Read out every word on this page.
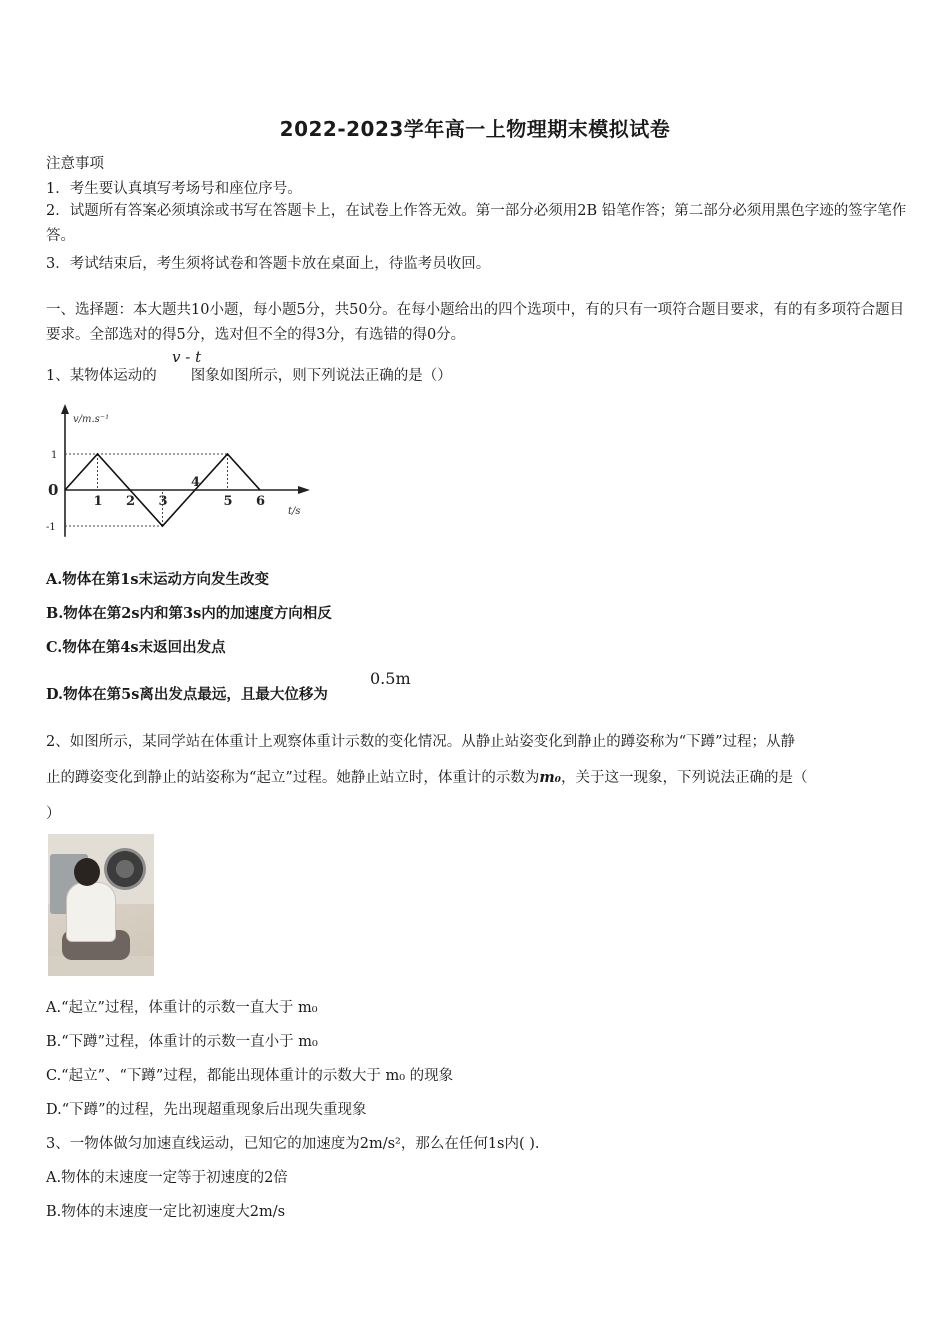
2022-2023学年高一上物理期末模拟试卷
注意事项
1．考生要认真填写考场号和座位序号。
2．试题所有答案必须填涂或书写在答题卡上，在试卷上作答无效。第一部分必须用2B 铅笔作答；第二部分必须用黑色字迹的签字笔作答。
3．考试结束后，考生须将试卷和答题卡放在桌面上，待监考员收回。
一、选择题：本大题共10小题，每小题5分，共50分。在每小题给出的四个选项中，有的只有一项符合题目要求，有的有多项符合题目要求。全部选对的得5分，选对但不全的得3分，有选错的得0分。
1、某物体运动的 图象如图所示，则下列说法正确的是（）
v - t
v/m.s⁻¹
t/s
1
0
-1
1 2 3
4
5 6
A.物体在第1s末运动方向发生改变
B.物体在第2s内和第3s内的加速度方向相反
C.物体在第4s末返回出发点
D.物体在第5s离出发点最远，且最大位移为
0.5m
2、如图所示，某同学站在体重计上观察体重计示数的变化情况。从静止站姿变化到静止的蹲姿称为“下蹲”过程；从静
止的蹲姿变化到静止的站姿称为“起立”过程。她静止站立时，体重计的示数为m₀，关于这一现象，下列说法正确的是（
）
A.“起立”过程，体重计的示数一直大于 m₀
B.“下蹲”过程，体重计的示数一直小于 m₀
C.“起立”、“下蹲”过程，都能出现体重计的示数大于 m₀ 的现象
D.“下蹲”的过程，先出现超重现象后出现失重现象
3、一物体做匀加速直线运动，已知它的加速度为2m/s²，那么在任何1s内( ).
A.物体的末速度一定等于初速度的2倍
B.物体的末速度一定比初速度大2m/s
